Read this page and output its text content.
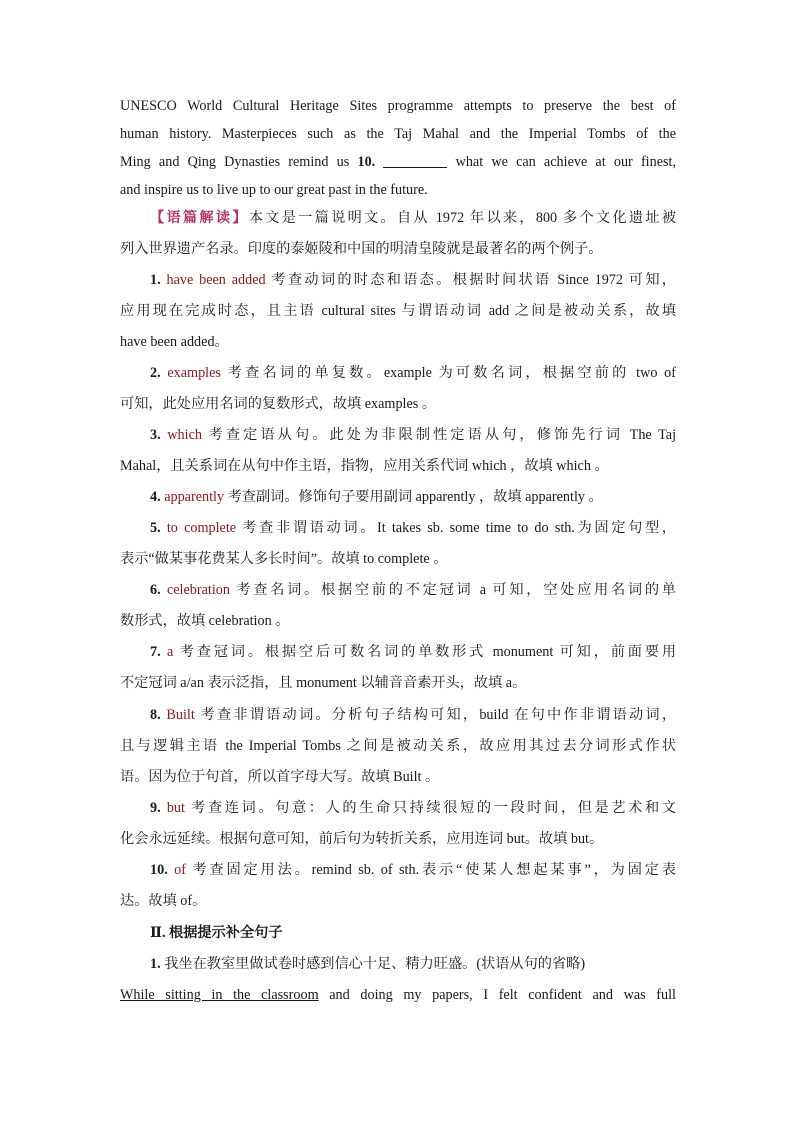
UNESCO World Cultural Heritage Sites programme attempts to preserve the best of
human history. Masterpieces such as the Taj Mahal and the Imperial Tombs of the
Ming and Qing Dynasties remind us 10.	what we can achieve at our finest,
and inspire us to live up to our great past in the future.
【语篇解读】本文是一篇说明文。自从 1972 年以来，800 多个文化遗址被
列入世界遗产名录。印度的泰姬陵和中国的明清皇陵就是最著名的两个例子。
1. have been added 考查动词的时态和语态。根据时间状语 Since 1972 可知，
应用现在完成时态，且主语 cultural sites 与谓语动词 add 之间是被动关系，故填
have been added。
2. examples 考查名词的单复数。example 为可数名词，根据空前的 two of
可知，此处应用名词的复数形式，故填 examples 。
3. which 考查定语从句。此处为非限制性定语从句，修饰先行词 The Taj
Mahal，且关系词在从句中作主语，指物，应用关系代词 which ，故填 which 。
4. apparently 考查副词。修饰句子要用副词 apparently ，故填 apparently 。
5. to complete 考查非谓语动词。It takes sb. some time to do sth.为固定句型，
表示“做某事花费某人多长时间”。故填 to complete 。
6. celebration 考查名词。根据空前的不定冠词 a 可知，空处应用名词的单
数形式，故填 celebration 。
7. a 考查冠词。根据空后可数名词的单数形式 monument 可知，前面要用
不定冠词 a/an 表示泛指，且 monument 以辅音音素开头，故填 a。
8. Built 考查非谓语动词。分析句子结构可知，build 在句中作非谓语动词，
且与逻辑主语 the Imperial Tombs 之间是被动关系，故应用其过去分词形式作状
语。因为位于句首，所以首字母大写。故填 Built 。
9. but 考查连词。句意：人的生命只持续很短的一段时间，但是艺术和文
化会永远延续。根据句意可知，前后句为转折关系，应用连词 but。故填 but。
10. of 考查固定用法。remind sb. of sth.表示“使某人想起某事”，为固定表
达。故填 of。
Ⅱ. 根据提示补全句子
1. 我坐在教室里做试卷时感到信心十足、精力旺盛。(状语从句的省略)
While sitting in the classroom and doing my papers, I felt confident and was full
